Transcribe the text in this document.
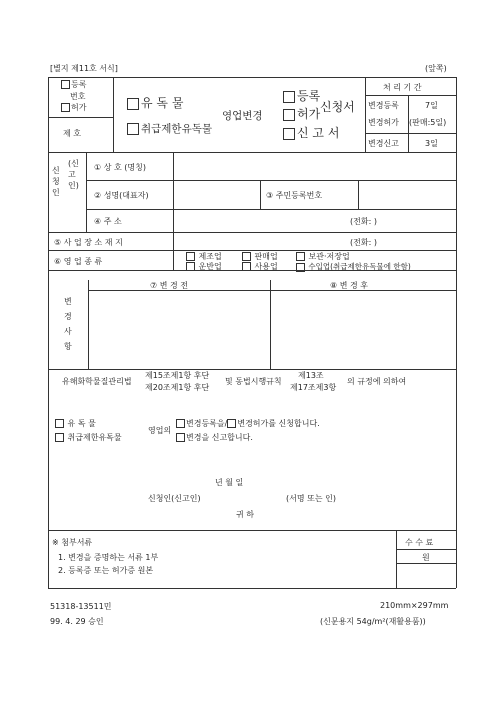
[별지 제11호 서식]	(앞쪽)
등록
번호
허가
제 호
유 독 물
취급제한유독물
영업변경
등록
허가
신 고 서
신청서
처 리 기 간
변경등록	7일
변경허가 (판매:5일)
변경신고	3일
신청인
(신고인)
① 상 호 (명칭)
② 성명(대표자)	③ 주민등록번호
④ 주 소	(전화: )
⑤ 사 업 장 소 재 지	(전화: )
⑥ 영 업 종 류
제조업	판매업	보관·저장업
운반업	사용업	수입업(취급제한유독물에 한함)
변경사항
⑦ 변 경 전	⑧ 변 경 후
유해화학물질관리법
제15조제1항 후단
제20조제1항 후단
및 동법시행규칙
제13조
제17조제3항
의 규정에 의하여
유 독 물
취급제한유독물
영업의
변경등록을/ 변경허가를 신청합니다.
변경을 신고합니다.
년 월 일
신청인(신고인)	(서명 또는 인)
귀 하
※ 첨부서류
1. 변경을 증명하는 서류 1부
2. 등록증 또는 허가증 원본
수 수 료
원
51318-13511민
99. 4. 29 승인
210mm×297mm
(신문용지 54g/m²(재활용품))
